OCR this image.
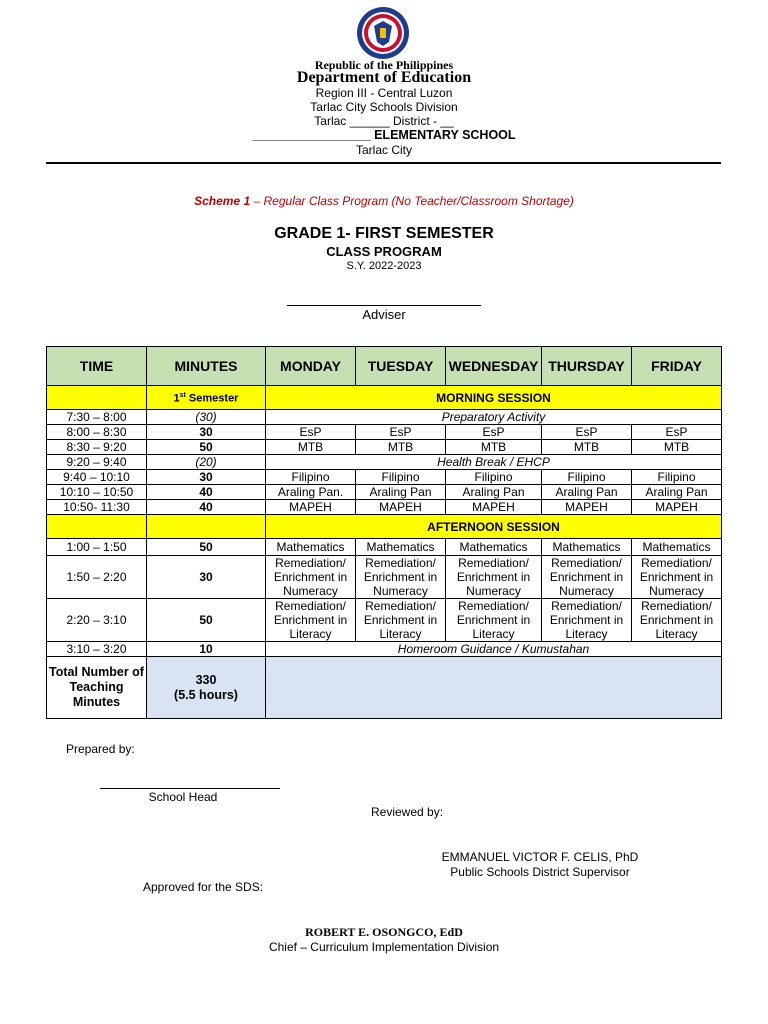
Republic of the Philippines
Department of Education
Region III - Central Luzon
Tarlac City Schools Division
Tarlac ______ District - __
_________________ ELEMENTARY SCHOOL
Tarlac City
Scheme 1 – Regular Class Program (No Teacher/Classroom Shortage)
GRADE 1- FIRST SEMESTER
CLASS PROGRAM
S.Y. 2022-2023
Adviser
TIME	MINUTES	MONDAY	TUESDAY	WEDNESDAY	THURSDAY	FRIDAY
	1st Semester	MORNING SESSION				
7:30 – 8:00	(30)	Preparatory Activity				
8:00 – 8:30	30	EsP	EsP	EsP	EsP	EsP
8:30 – 9:20	50	MTB	MTB	MTB	MTB	MTB
9:20 – 9:40	(20)	Health Break / EHCP				
9:40 – 10:10	30	Filipino	Filipino	Filipino	Filipino	Filipino
10:10 – 10:50	40	Araling Pan.	Araling Pan	Araling Pan	Araling Pan	Araling Pan
10:50- 11:30	40	MAPEH	MAPEH	MAPEH	MAPEH	MAPEH
		AFTERNOON SESSION				
1:00 – 1:50	50	Mathematics	Mathematics	Mathematics	Mathematics	Mathematics
1:50 – 2:20	30	Remediation/ Enrichment in Numeracy	Remediation/ Enrichment in Numeracy	Remediation/ Enrichment in Numeracy	Remediation/ Enrichment in Numeracy	Remediation/ Enrichment in Numeracy
2:20 – 3:10	50	Remediation/ Enrichment in Literacy	Remediation/ Enrichment in Literacy	Remediation/ Enrichment in Literacy	Remediation/ Enrichment in Literacy	Remediation/ Enrichment in Literacy
3:10 – 3:20	10	Homeroom Guidance / Kumustahan				
Total Number of Teaching Minutes	330
(5.5 hours)					
Prepared by:
School Head
Reviewed by:
EMMANUEL VICTOR F. CELIS, PhD
Public Schools District Supervisor
Approved for the SDS:
ROBERT E. OSONGCO, EdD
Chief – Curriculum Implementation Division
